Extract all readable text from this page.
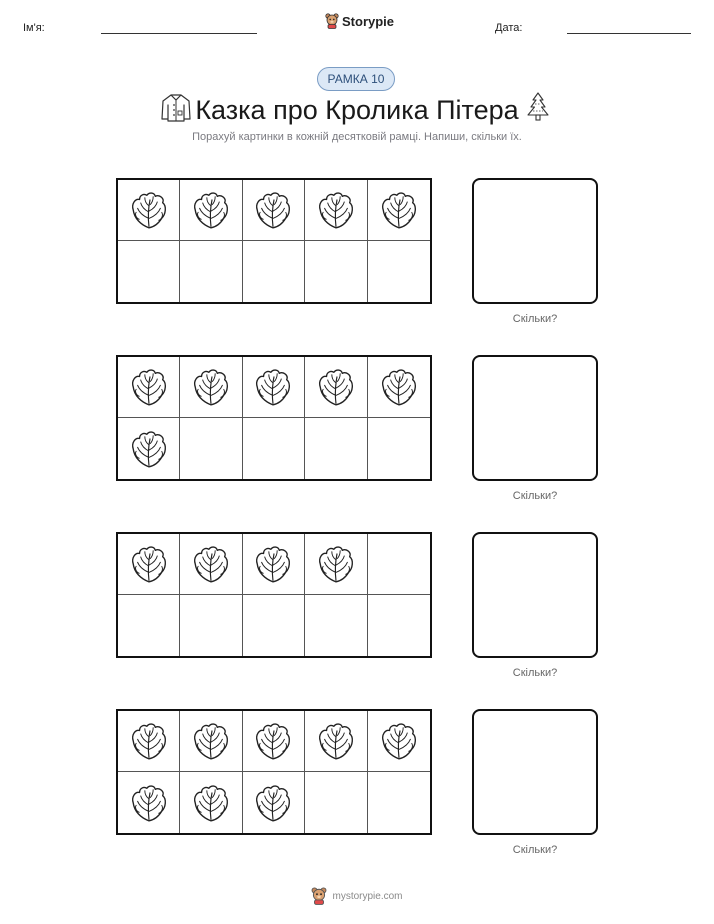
Ім'я:	Storypie	Дата:
РАМКА 10
Казка про Кролика Пітера
Порахуй картинки в кожній десятковій рамці. Напиши, скільки їх.
Скільки?
Скільки?
Скільки?
Скільки?
mystorypie.com
